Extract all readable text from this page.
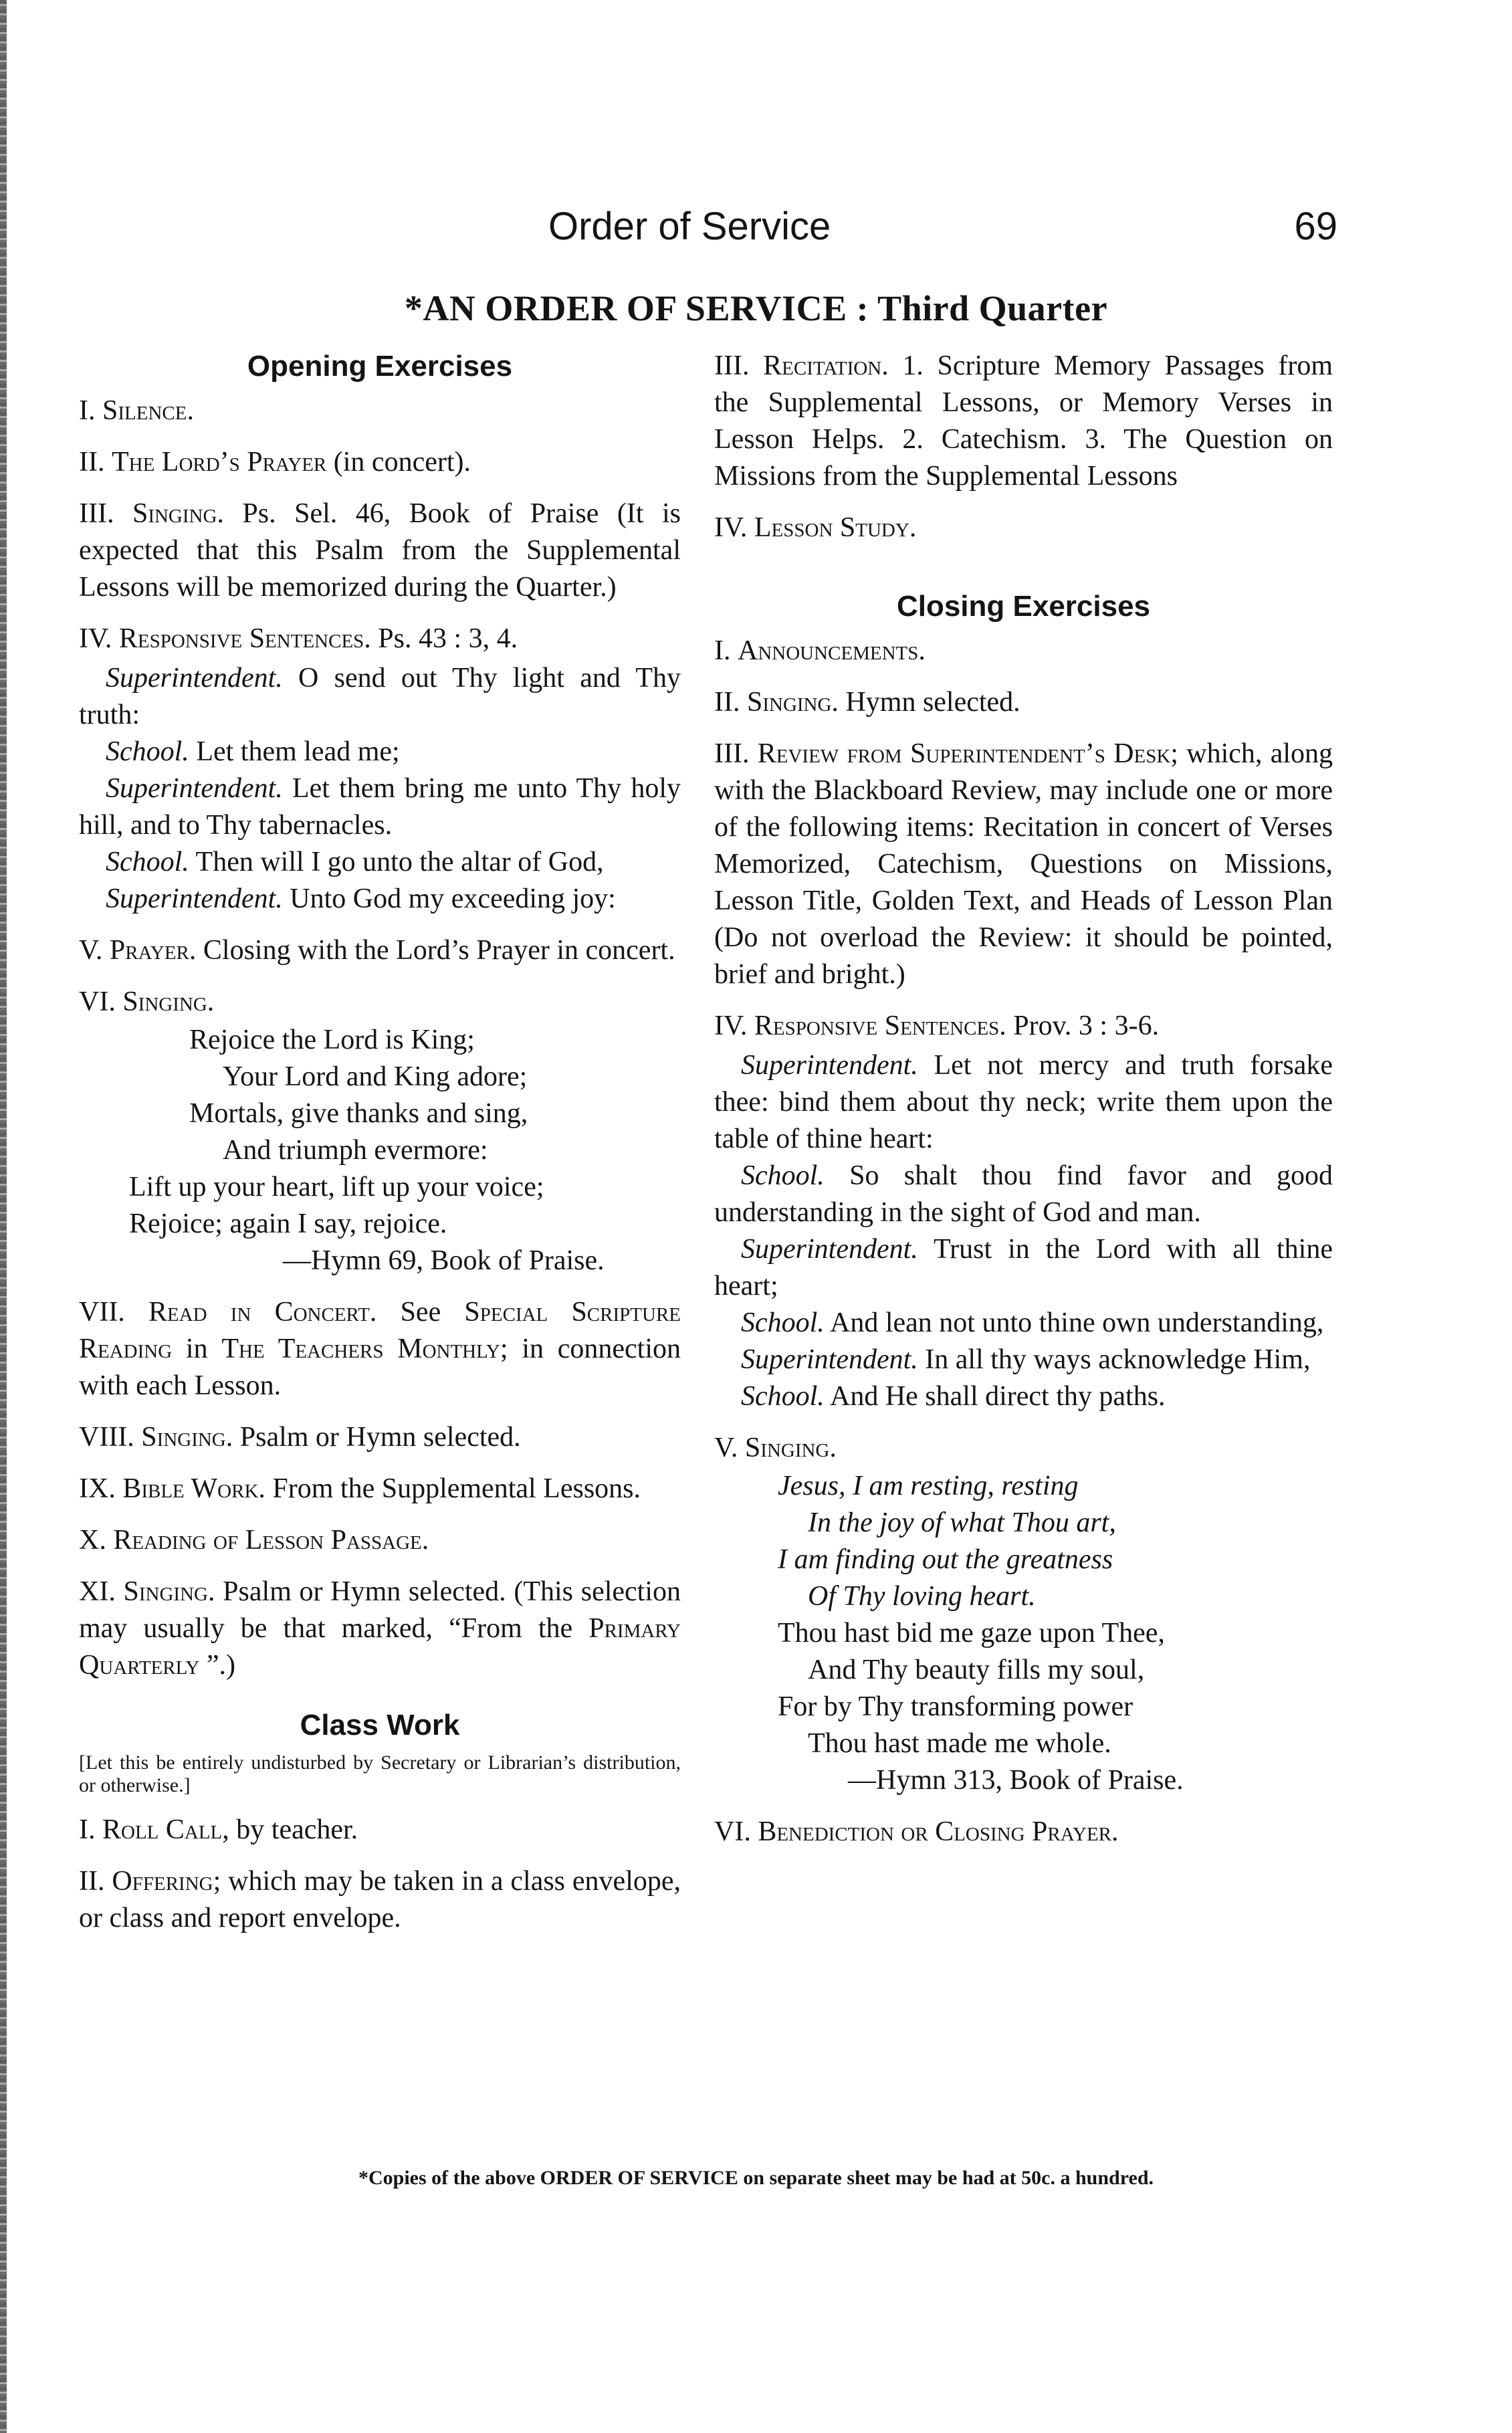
Order of Service	69
*AN ORDER OF SERVICE : Third Quarter
Opening Exercises

I. Silence.

II. The Lord’s Prayer (in concert).

III. Singing. Ps. Sel. 46, Book of Praise (It is expected that this Psalm from the Supplemental Lessons will be memorized during the Quarter.)

IV. Responsive Sentences. Ps. 43 : 3, 4.

Superintendent. O send out Thy light and Thy truth:

School. Let them lead me;

Superintendent. Let them bring me unto Thy holy hill, and to Thy tabernacles.

School. Then will I go unto the altar of God,

Superintendent. Unto God my exceeding joy:

V. Prayer. Closing with the Lord’s Prayer in concert.

VI. Singing.

Rejoice the Lord is King;
Your Lord and King adore;
Mortals, give thanks and sing,
And triumph evermore:
Lift up your heart, lift up your voice;
Rejoice; again I say, rejoice.
—Hymn 69, Book of Praise.

VII. Read in Concert. See Special Scripture Reading in The Teachers Monthly; in connection with each Lesson.

VIII. Singing. Psalm or Hymn selected.

IX. Bible Work. From the Supplemental Lessons.

X. Reading of Lesson Passage.

XI. Singing. Psalm or Hymn selected. (This selection may usually be that marked, “From the Primary Quarterly ”.)

Class Work

[Let this be entirely undisturbed by Secretary or Librarian’s distribution, or otherwise.]

I. Roll Call, by teacher.

II. Offering; which may be taken in a class envelope, or class and report envelope.

III. Recitation. 1. Scripture Memory Passages from the Supplemental Lessons, or Memory Verses in Lesson Helps. 2. Catechism. 3. The Question on Missions from the Supplemental Lessons

IV. Lesson Study.

Closing Exercises

I. Announcements.

II. Singing. Hymn selected.

III. Review from Superintendent’s Desk; which, along with the Blackboard Review, may include one or more of the following items: Recitation in concert of Verses Memorized, Catechism, Questions on Missions, Lesson Title, Golden Text, and Heads of Lesson Plan (Do not overload the Review: it should be pointed, brief and bright.)

IV. Responsive Sentences. Prov. 3 : 3-6.

Superintendent. Let not mercy and truth forsake thee: bind them about thy neck; write them upon the table of thine heart:

School. So shalt thou find favor and good understanding in the sight of God and man.

Superintendent. Trust in the Lord with all thine heart;

School. And lean not unto thine own understanding,

Superintendent. In all thy ways acknowledge Him,

School. And He shall direct thy paths.

V. Singing.

Jesus, I am resting, resting
In the joy of what Thou art,
I am finding out the greatness
Of Thy loving heart.
Thou hast bid me gaze upon Thee,
And Thy beauty fills my soul,
For by Thy transforming power
Thou hast made me whole.
—Hymn 313, Book of Praise.

VI. Benediction or Closing Prayer.

*Copies of the above ORDER OF SERVICE on separate sheet may be had at 50c. a hundred.
